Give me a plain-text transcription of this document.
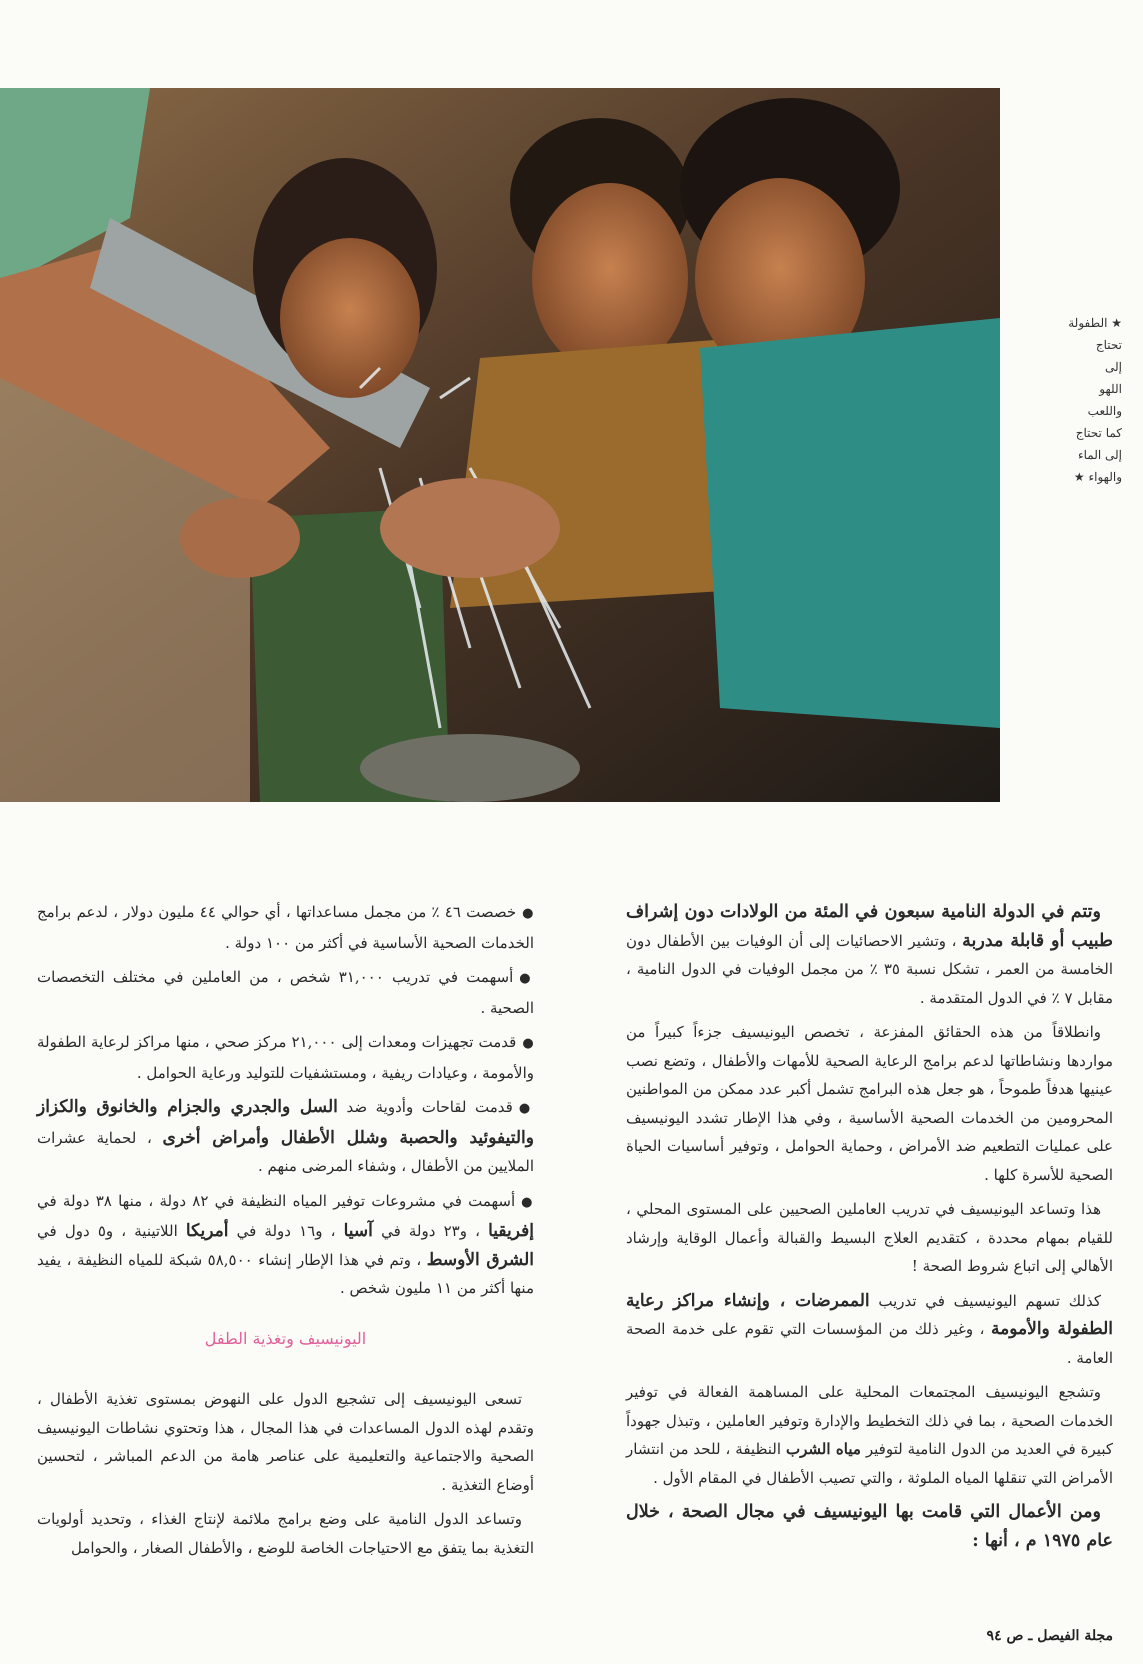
★ الطفولة
تحتاج
إلى
اللهو
واللعب
كما تحتاج
إلى الماء
والهواء ★

وتتم في الدولة النامية سبعون في المئة من الولادات دون إشراف طبيب أو قابلة مدربة ، وتشير الاحصائيات إلى أن الوفيات بين الأطفال دون الخامسة من العمر ، تشكل نسبة ٣٥ ٪ من مجمل الوفيات في الدول النامية ، مقابل ٧ ٪ في الدول المتقدمة .

وانطلاقاً من هذه الحقائق المفزعة ، تخصص اليونيسيف جزءاً كبيراً من مواردها ونشاطاتها لدعم برامج الرعاية الصحية للأمهات والأطفال ، وتضع نصب عينيها هدفاً طموحاً ، هو جعل هذه البرامج تشمل أكبر عدد ممكن من المواطنين المحرومين من الخدمات الصحية الأساسية ، وفي هذا الإطار تشدد اليونيسيف على عمليات التطعيم ضد الأمراض ، وحماية الحوامل ، وتوفير أساسيات الحياة الصحية للأسرة كلها .

هذا وتساعد اليونيسيف في تدريب العاملين الصحيين على المستوى المحلي ، للقيام بمهام محددة ، كتقديم العلاج البسيط والقبالة وأعمال الوقاية وإرشاد الأهالي إلى اتباع شروط الصحة !

كذلك تسهم اليونيسيف في تدريب الممرضات ، وإنشاء مراكز رعاية الطفولة والأمومة ، وغير ذلك من المؤسسات التي تقوم على خدمة الصحة العامة .

وتشجع اليونيسيف المجتمعات المحلية على المساهمة الفعالة في توفير الخدمات الصحية ، بما في ذلك التخطيط والإدارة وتوفير العاملين ، وتبذل جهوداً كبيرة في العديد من الدول النامية لتوفير مياه الشرب النظيفة ، للحد من انتشار الأمراض التي تنقلها المياه الملوثة ، والتي تصيب الأطفال في المقام الأول .

ومن الأعمال التي قامت بها اليونيسيف في مجال الصحة ، خلال عام ١٩٧٥ م ، أنها :

●خصصت ٤٦ ٪ من مجمل مساعداتها ، أي حوالي ٤٤ مليون دولار ، لدعم برامج الخدمات الصحية الأساسية في أكثر من ١٠٠ دولة .

●أسهمت في تدريب ٣١,٠٠٠ شخص ، من العاملين في مختلف التخصصات الصحية .

●قدمت تجهيزات ومعدات إلى ٢١,٠٠٠ مركز صحي ، منها مراكز لرعاية الطفولة والأمومة ، وعيادات ريفية ، ومستشفيات للتوليد ورعاية الحوامل .

●قدمت لقاحات وأدوية ضد السل والجدري والجزام والخانوق والكزاز والتيفوئيد والحصبة وشلل الأطفال وأمراض أخرى ، لحماية عشرات الملايين من الأطفال ، وشفاء المرضى منهم .

●أسهمت في مشروعات توفير المياه النظيفة في ٨٢ دولة ، منها ٣٨ دولة في إفريقيا ، و٢٣ دولة في آسيا ، و١٦ دولة في أمريكا اللاتينية ، و٥ دول في الشرق الأوسط ، وتم في هذا الإطار إنشاء ٥٨,٥٠٠ شبكة للمياه النظيفة ، يفيد منها أكثر من ١١ مليون شخص .

اليونيسيف وتغذية الطفل

تسعى اليونيسيف إلى تشجيع الدول على النهوض بمستوى تغذية الأطفال ، وتقدم لهذه الدول المساعدات في هذا المجال ، هذا وتحتوي نشاطات اليونيسيف الصحية والاجتماعية والتعليمية على عناصر هامة من الدعم المباشر ، لتحسين أوضاع التغذية .

وتساعد الدول النامية على وضع برامج ملائمة لإنتاج الغذاء ، وتحديد أولويات التغذية بما يتفق مع الاحتياجات الخاصة للوضع ، والأطفال الصغار ، والحوامل

مجلة الفيصل ـ ص ٩٤
